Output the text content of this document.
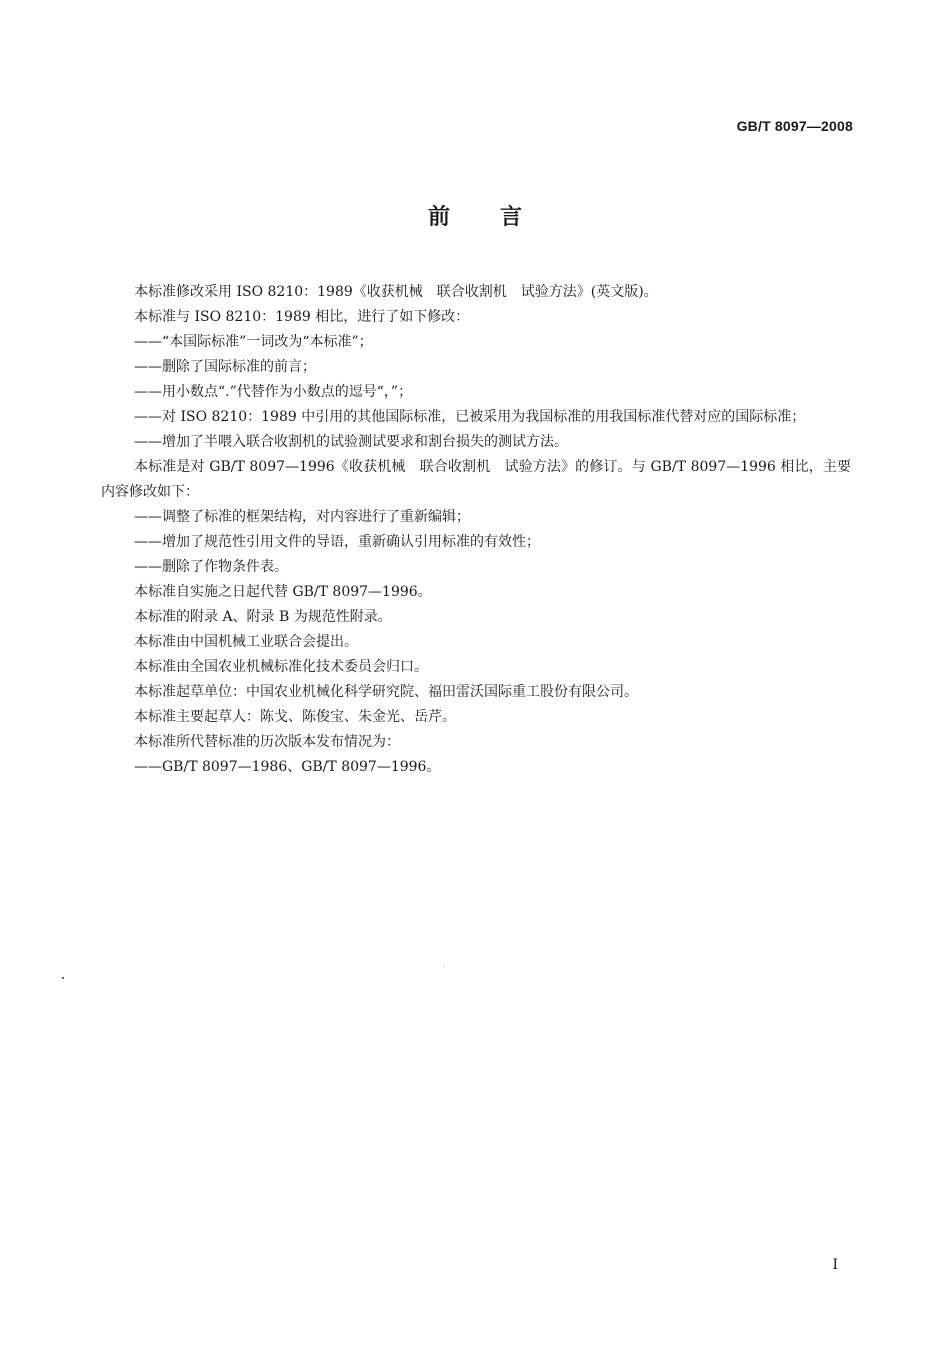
GB/T 8097—2008
前言

本标准修改采用 ISO 8210：1989《收获机械　联合收割机　试验方法》(英文版)。

本标准与 ISO 8210：1989 相比，进行了如下修改：

——“本国际标准”一词改为“本标准”；

——删除了国际标准的前言；

——用小数点“.”代替作为小数点的逗号“，”；

——对 ISO 8210：1989 中引用的其他国际标准，已被采用为我国标准的用我国标准代替对应的国际标准；

——增加了半喂入联合收割机的试验测试要求和割台损失的测试方法。

本标准是对 GB/T 8097—1996《收获机械　联合收割机　试验方法》的修订。与 GB/T 8097—1996 相比，主要内容修改如下：

——调整了标准的框架结构，对内容进行了重新编辑；

——增加了规范性引用文件的导语，重新确认引用标准的有效性；

——删除了作物条件表。

本标准自实施之日起代替 GB/T 8097—1996。

本标准的附录 A、附录 B 为规范性附录。

本标准由中国机械工业联合会提出。

本标准由全国农业机械标准化技术委员会归口。

本标准起草单位：中国农业机械化科学研究院、福田雷沃国际重工股份有限公司。

本标准主要起草人：陈戈、陈俊宝、朱金光、岳芹。

本标准所代替标准的历次版本发布情况为：

——GB/T 8097—1986、GB/T 8097—1996。

I
